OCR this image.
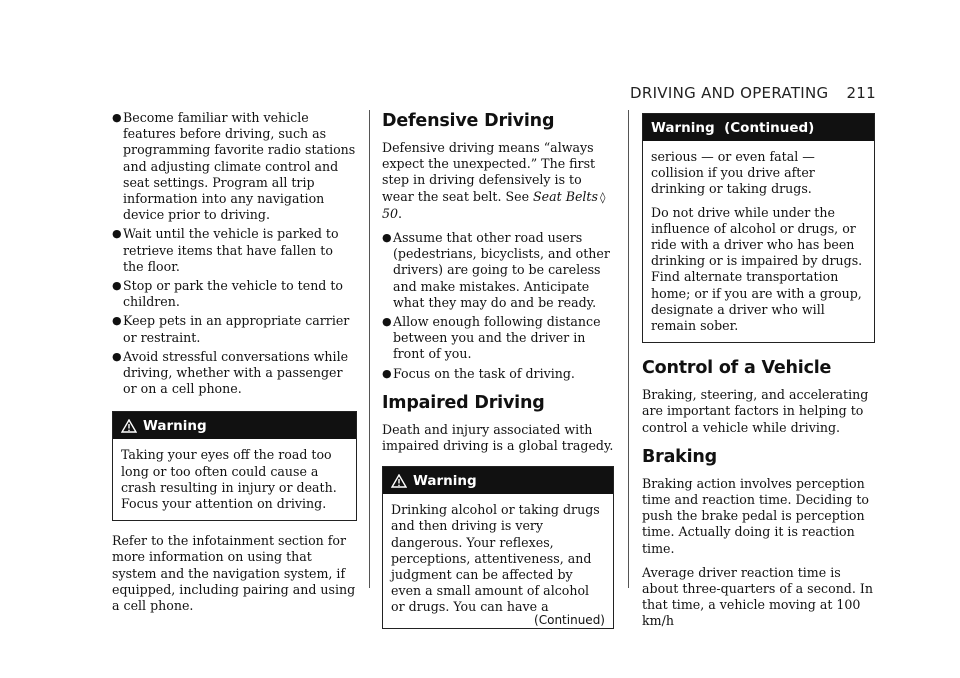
DRIVING AND OPERATING 211
● Become familiar with vehicle features before driving, such as programming favorite radio stations and adjusting climate control and seat settings. Program all trip information into any navigation device prior to driving.
● Wait until the vehicle is parked to retrieve items that have fallen to the floor.
● Stop or park the vehicle to tend to children.
● Keep pets in an appropriate carrier or restraint.
● Avoid stressful conversations while driving, whether with a passenger or on a cell phone.
Warning

Taking your eyes off the road too long or too often could cause a crash resulting in injury or death. Focus your attention on driving.

Refer to the infotainment section for more information on using that system and the navigation system, if equipped, including pairing and using a cell phone.

Defensive Driving

Defensive driving means “always expect the unexpected.” The first step in driving defensively is to wear the seat belt. See Seat Belts ◊50.

● Assume that other road users (pedestrians, bicyclists, and other drivers) are going to be careless and make mistakes. Anticipate what they may do and be ready.
● Allow enough following distance between you and the driver in front of you.
● Focus on the task of driving.
Impaired Driving

Death and injury associated with impaired driving is a global tragedy.

Warning

Drinking alcohol or taking drugs and then driving is very dangerous. Your reflexes, perceptions, attentiveness, and judgment can be affected by even a small amount of alcohol or drugs. You can have a

(Continued)
Warning  (Continued)

serious — or even fatal — collision if you drive after drinking or taking drugs.

Do not drive while under the influence of alcohol or drugs, or ride with a driver who has been drinking or is impaired by drugs. Find alternate transportation home; or if you are with a group, designate a driver who will remain sober.

Control of a Vehicle

Braking, steering, and accelerating are important factors in helping to control a vehicle while driving.

Braking

Braking action involves perception time and reaction time. Deciding to push the brake pedal is perception time. Actually doing it is reaction time.

Average driver reaction time is about three-quarters of a second. In that time, a vehicle moving at 100 km/h
